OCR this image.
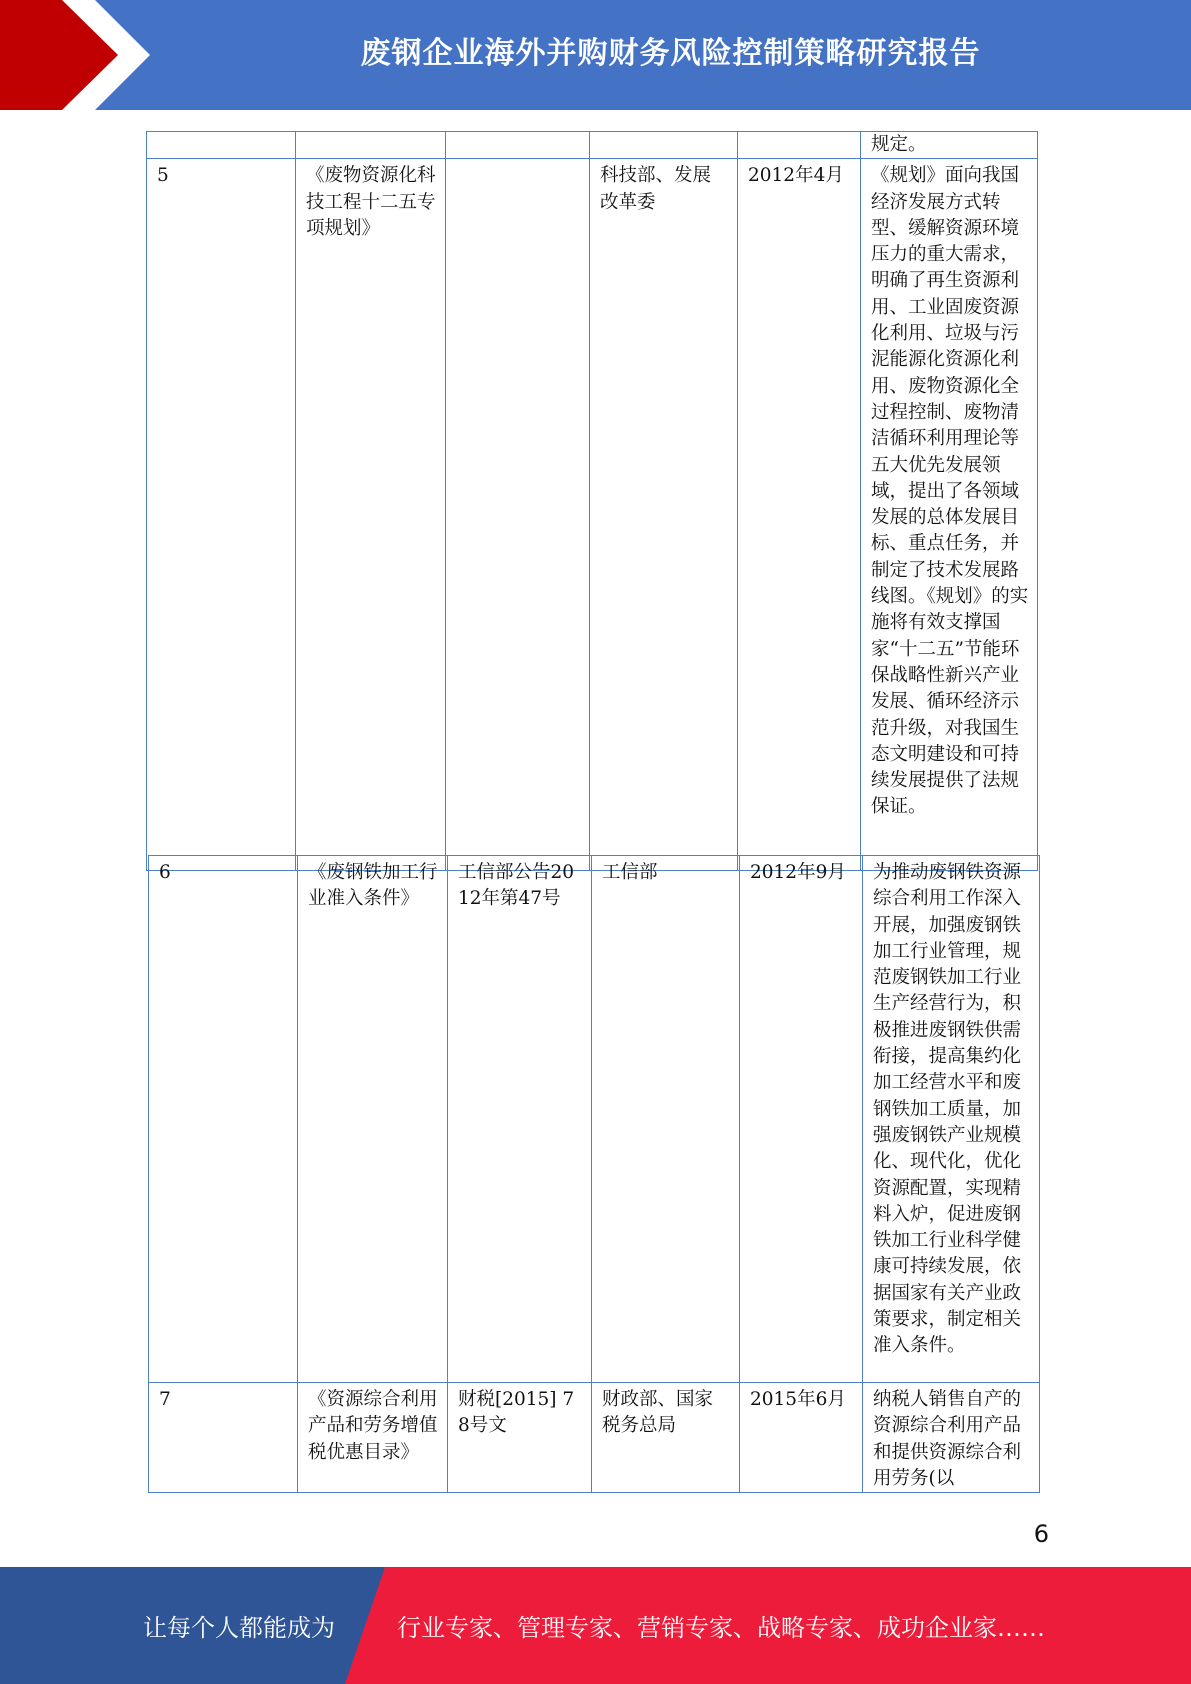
废钢企业海外并购财务风险控制策略研究报告
					规定。
5	《废物资源化科技工程十二五专项规划》		科技部、发展改革委	2012年4月	《规划》面向我国经济发展方式转型、缓解资源环境压力的重大需求，明确了再生资源利用、工业固废资源化利用、垃圾与污泥能源化资源化利用、废物资源化全过程控制、废物清洁循环利用理论等五大优先发展领域，提出了各领域发展的总体发展目标、重点任务，并制定了技术发展路线图。《规划》的实施将有效支撑国家“十二五”节能环保战略性新兴产业发展、循环经济示范升级，对我国生态文明建设和可持续发展提供了法规保证。
6	《废钢铁加工行业准入条件》	工信部公告2012年第47号	工信部	2012年9月	为推动废钢铁资源综合利用工作深入开展，加强废钢铁加工行业管理，规范废钢铁加工行业生产经营行为，积极推进废钢铁供需衔接，提高集约化加工经营水平和废钢铁加工质量，加强废钢铁产业规模化、现代化，优化资源配置，实现精料入炉，促进废钢铁加工行业科学健康可持续发展，依据国家有关产业政策要求，制定相关准入条件。
7	《资源综合利用产品和劳务增值税优惠目录》	财税[2015] 78号文	财政部、国家税务总局	2015年6月	纳税人销售自产的资源综合利用产品和提供资源综合利用劳务(以
6
让每个人都能成为	行业专家、管理专家、营销专家、战略专家、成功企业家……
